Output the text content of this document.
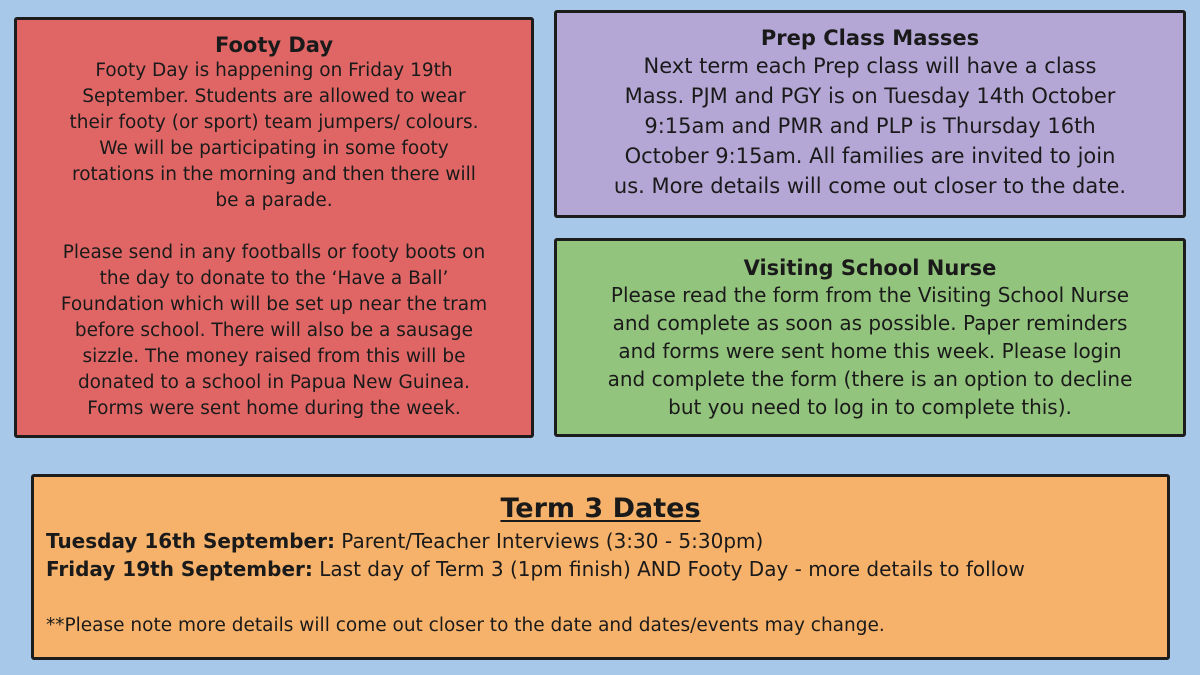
Footy Day

Footy Day is happening on Friday 19th

September. Students are allowed to wear

their footy (or sport) team jumpers/ colours.

We will be participating in some footy

rotations in the morning and then there will

be a parade.

Please send in any footballs or footy boots on

the day to donate to the ‘Have a Ball’

Foundation which will be set up near the tram

before school. There will also be a sausage

sizzle. The money raised from this will be

donated to a school in Papua New Guinea.

Forms were sent home during the week.

Prep Class Masses

Next term each Prep class will have a class

Mass. PJM and PGY is on Tuesday 14th October

9:15am and PMR and PLP is Thursday 16th

October 9:15am. All families are invited to join

us. More details will come out closer to the date.

Visiting School Nurse

Please read the form from the Visiting School Nurse

and complete as soon as possible. Paper reminders

and forms were sent home this week. Please login

and complete the form (there is an option to decline

but you need to log in to complete this).

Term 3 Dates

Tuesday 16th September: Parent/Teacher Interviews (3:30 - 5:30pm)

Friday 19th September: Last day of Term 3 (1pm finish) AND Footy Day - more details to follow

**Please note more details will come out closer to the date and dates/events may change.
